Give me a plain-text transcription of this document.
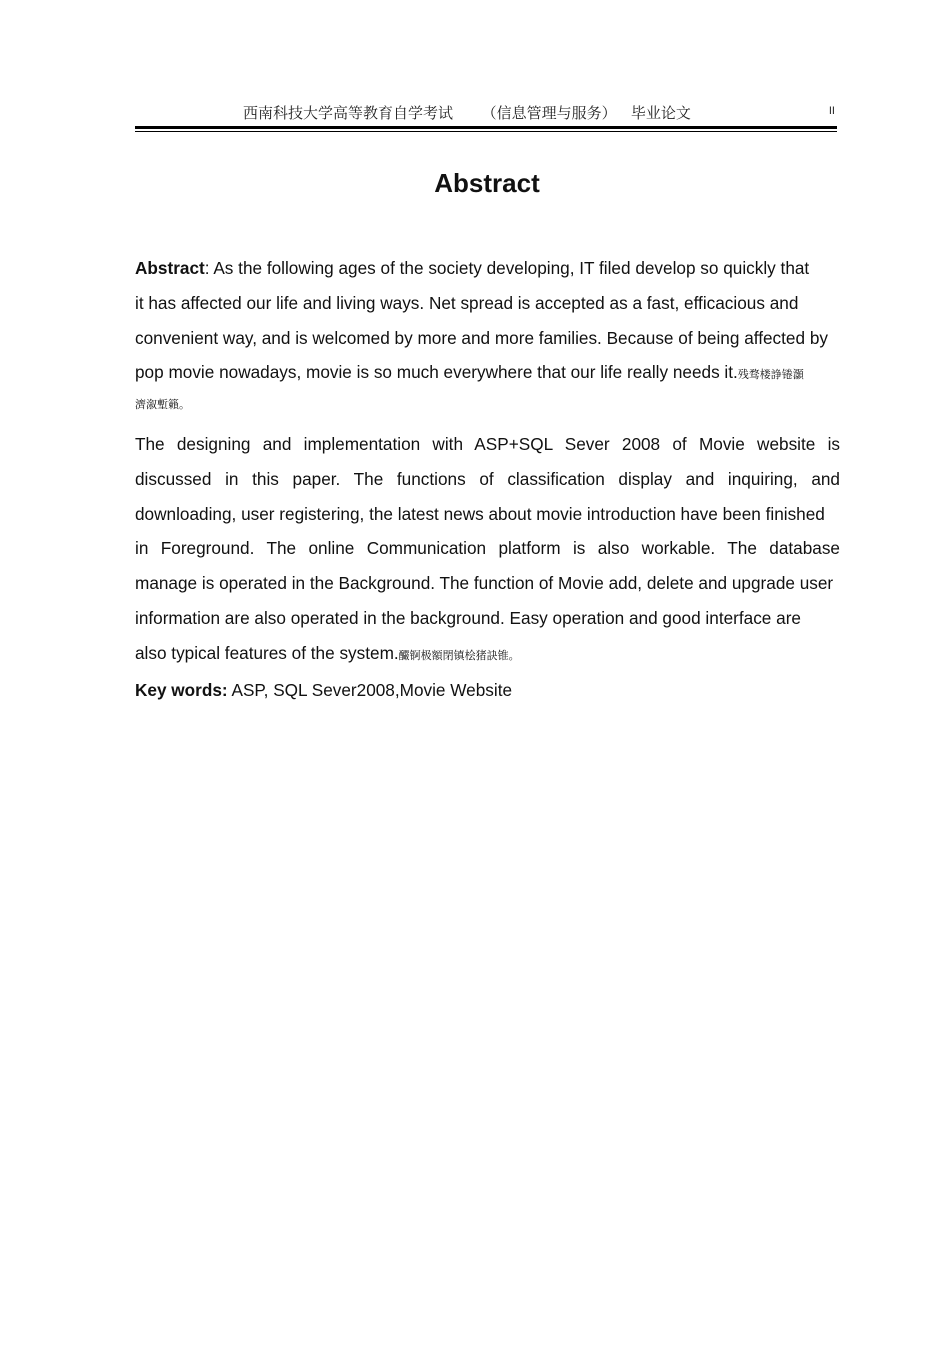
西南科技大学高等教育自学考试      （信息管理与服务）   毕业论文	II
Abstract
Abstract: As the following ages of the society developing, IT filed develop so quickly that
it has affected our life and living ways. Net spread is accepted as a fast, efficacious and
convenient way, and is welcomed by more and more families. Because of being affected by
pop movie nowadays, movie is so much everywhere that our life really needs it.残骛楼諍锩灝
濟溆塹籟。
The designing and implementation with ASP+SQL Sever 2008 of Movie website is
discussed in this paper. The functions of classification display and inquiring, and
downloading, user registering, the latest news about movie introduction have been finished
in Foreground. The online Communication platform is also workable. The database
manage is operated in the Background. The function of Movie add, delete and upgrade user
information are also operated in the background. Easy operation and good interface are
also typical features of the system.釅锕极額閉镇桧猪訣锥。
Key words: ASP, SQL Sever2008,Movie Website
